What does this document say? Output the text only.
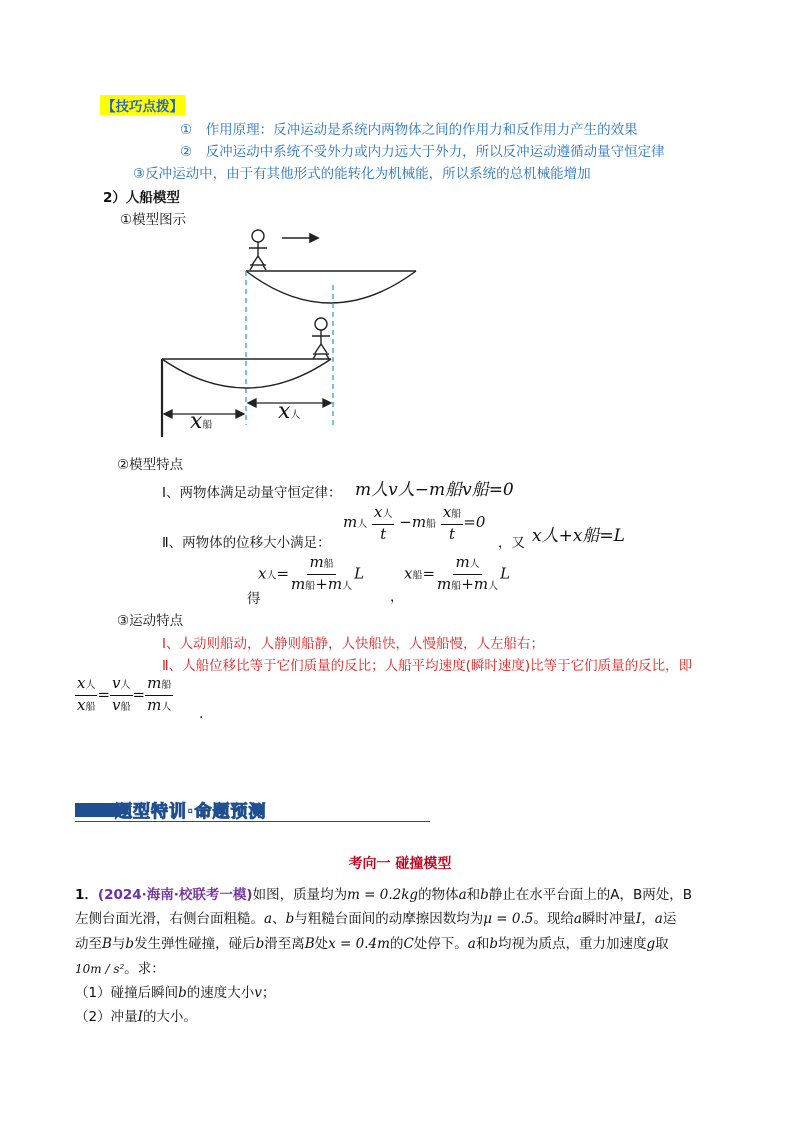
【技巧点拨】
①　作用原理：反冲运动是系统内两物体之间的作用力和反作用力产生的效果
②　反冲运动中系统不受外力或内力远大于外力，所以反冲运动遵循动量守恒定律
③反冲运动中，由于有其他形式的能转化为机械能，所以系统的总机械能增加
2）人船模型
①模型图示
x船
x人
②模型特点
Ⅰ、两物体满足动量守恒定律： m人v人−m船v船=0
Ⅱ、两物体的位移大小满足：
m人 $\frac{\text{x人}}{t} -m$船 $\frac{\text{x船}}{t} =0$
，又 x人+x船=L
得
x人= $\frac{\text{m船}}{\text{m船+m人}}$ L
，
x船= $\frac{\text{m人}}{\text{m船+m人}}$ L
③运动特点
Ⅰ、人动则船动，人静则船静，人快船快，人慢船慢，人左船右；
Ⅱ、人船位移比等于它们质量的反比；人船平均速度(瞬时速度)比等于它们质量的反比，即
$\frac{\text{x人}}{\text{x船}} = \frac{\text{v人}}{\text{v船}} = \frac{\text{m船}}{\text{m人}}$ .
题型特训·命题预测
考向一 碰撞模型
1．(2024·海南·校联考一模)如图，质量均为m = 0.2kg的物体a和b静止在水平台面上的A，B两处，B
左侧台面光滑，右侧台面粗糙。a、b与粗糙台面间的动摩擦因数均为μ = 0.5。现给a瞬时冲量I，a运
动至B与b发生弹性碰撞，碰后b滑至离B处x = 0.4m的C处停下。a和b均视为质点，重力加速度g取
10m / s²。求：
（1）碰撞后瞬间b的速度大小v；
（2）冲量I的大小。
